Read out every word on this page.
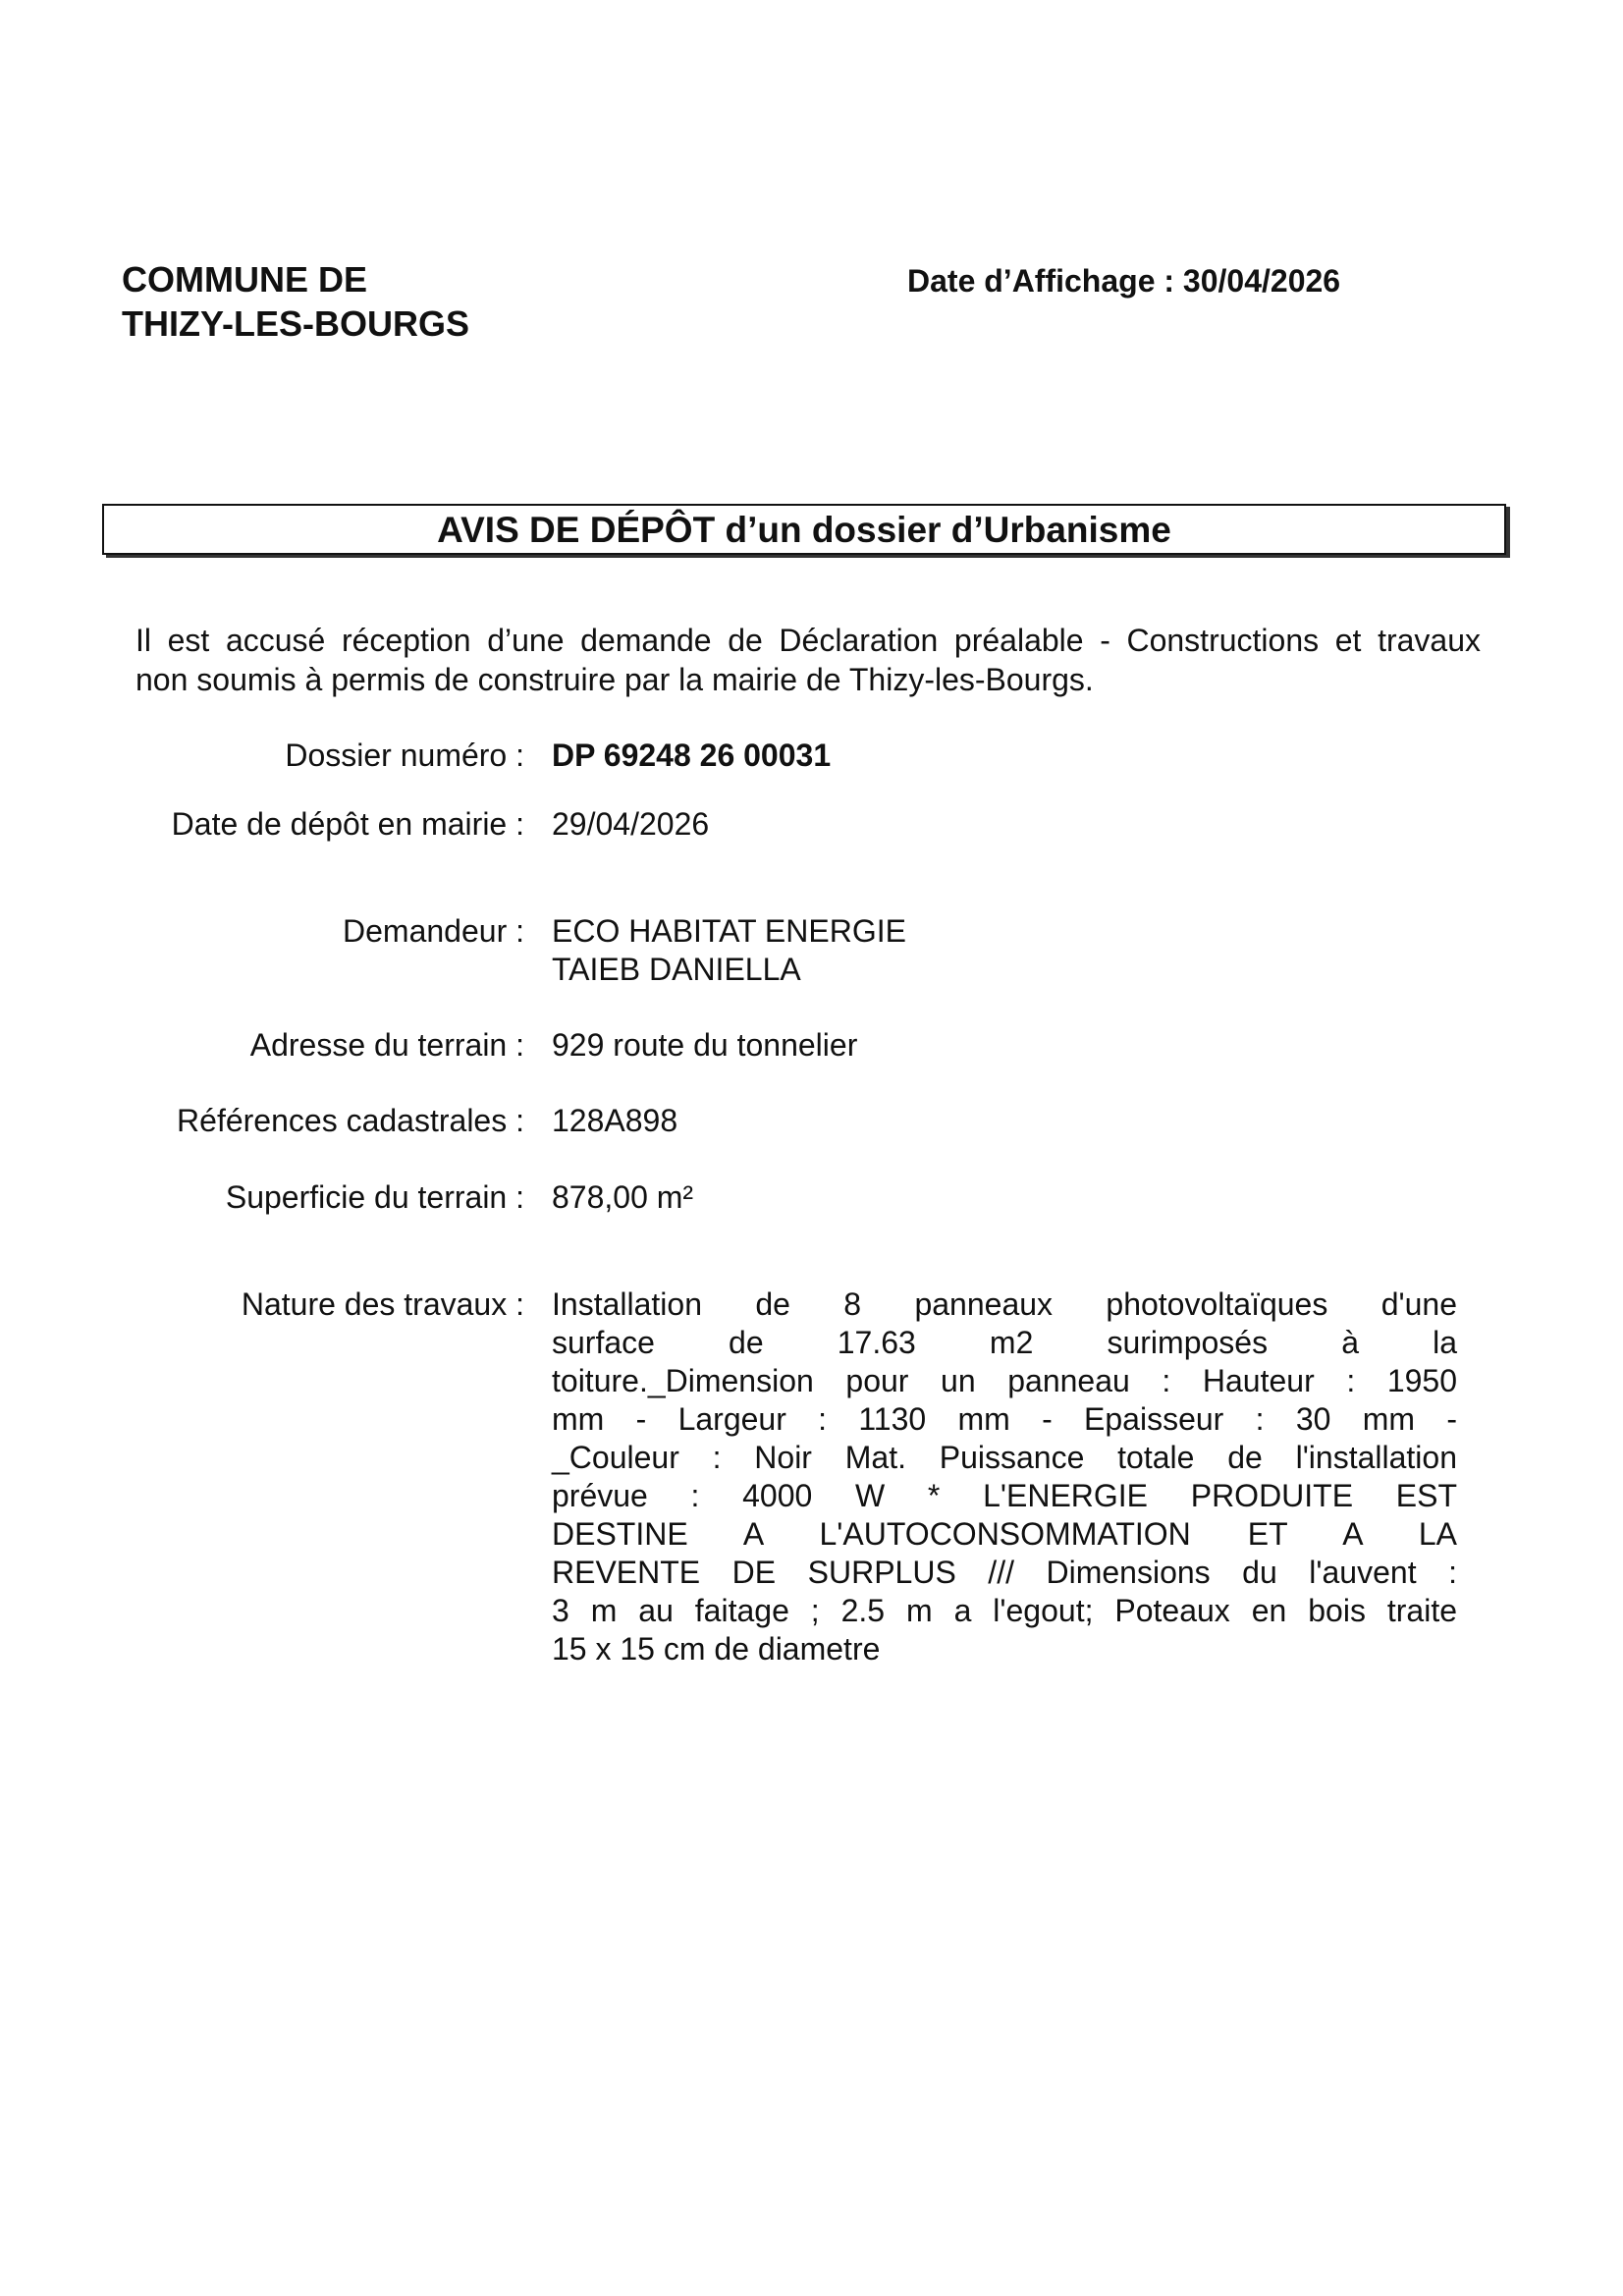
COMMUNE DE
THIZY-LES-BOURGS
Date d’Affichage : 30/04/2026
AVIS DE DÉPÔT d’un dossier d’Urbanisme
Il est accusé réception d’une demande de Déclaration préalable - Constructions et travaux
non soumis à permis de construire par la mairie de Thizy-les-Bourgs.
Dossier numéro : DP 69248 26 00031
Date de dépôt en mairie : 29/04/2026
Demandeur : ECO HABITAT ENERGIE
TAIEB DANIELLA
Adresse du terrain : 929 route du tonnelier
Références cadastrales : 128A898
Superficie du terrain : 878,00 m²
Nature des travaux : Installation de 8 panneaux photovoltaïques d'une
surface de 17.63 m2 surimposés à la
toiture._Dimension pour un panneau : Hauteur : 1950
mm - Largeur : 1130 mm - Epaisseur : 30 mm -
_Couleur : Noir Mat. Puissance totale de l'installation
prévue : 4000 W * L'ENERGIE PRODUITE EST
DESTINE A L'AUTOCONSOMMATION ET A LA
REVENTE DE SURPLUS /// Dimensions du l'auvent :
3 m au faitage ; 2.5 m a l'egout; Poteaux en bois traite
15 x 15 cm de diametre
